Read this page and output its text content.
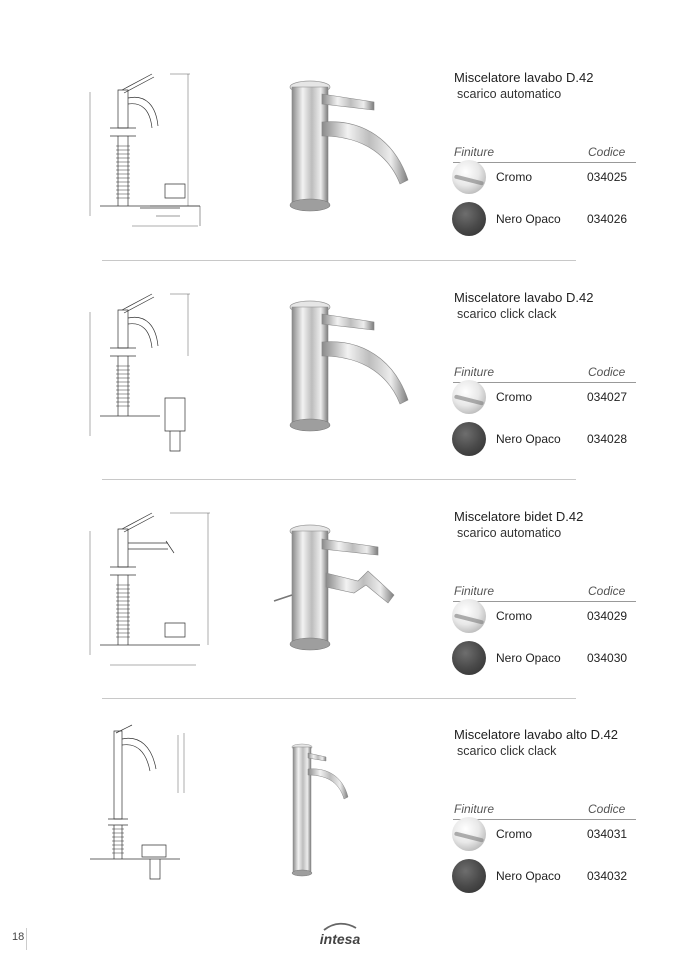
Miscelatore lavabo D.42
scarico automatico
Finiture	Codice
Cromo	034025
Nero Opaco 034026
Miscelatore lavabo D.42
scarico click clack
Finiture	Codice
Cromo	034027
Nero Opaco 034028
Miscelatore bidet D.42
scarico automatico
Finiture	Codice
Cromo	034029
Nero Opaco 034030
Miscelatore lavabo alto D.42
scarico click clack
Finiture	Codice
Cromo	034031
Nero Opaco 034032
18	intesa
